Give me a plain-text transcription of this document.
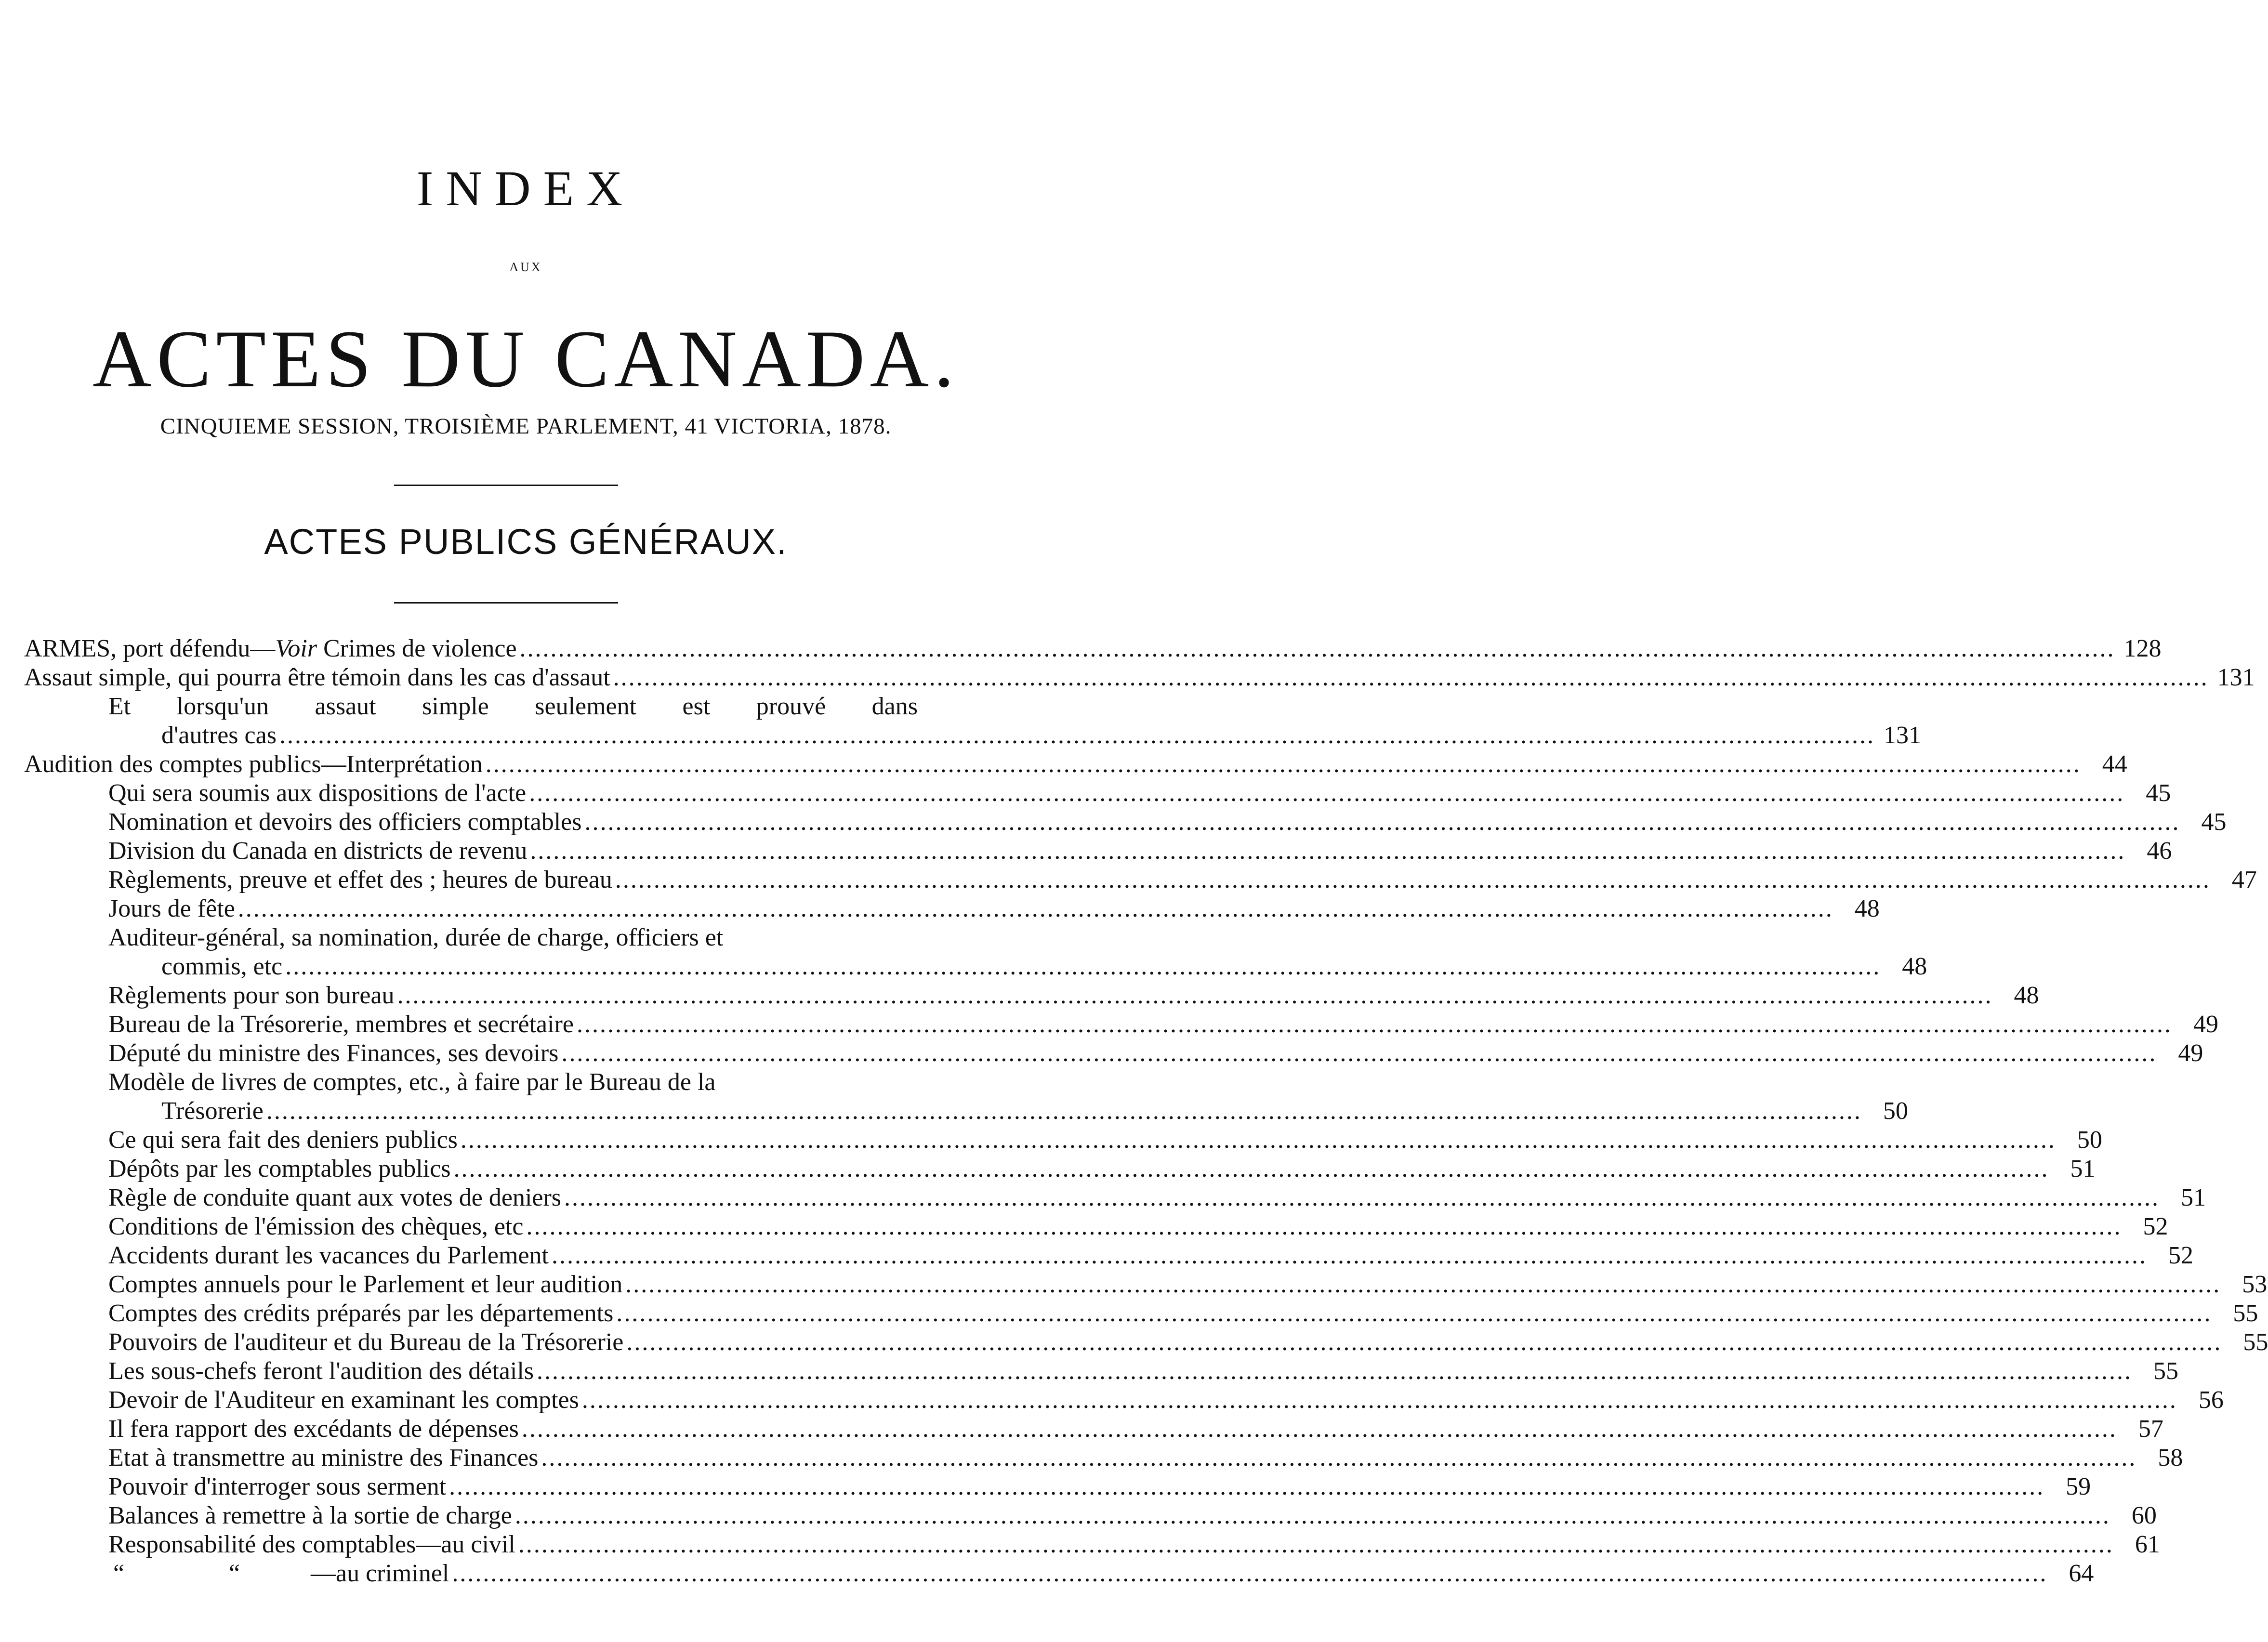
INDEX
AUX
ACTES DU CANADA.
CINQUIEME SESSION, TROISIÈME PARLEMENT, 41 VICTORIA, 1878.
ACTES PUBLICS GÉNÉRAUX.
ARMES, port défendu—Voir Crimes de violence ............................................................................................................................................................................................................... 128
Assaut simple, qui pourra être témoin dans les cas d'assaut ............................................................................................................................................................................................................... 131
Et lorsqu'un assaut simple seulement est prouvé dans
d'autres cas ............................................................................................................................................................................................................... 131
Audition des comptes publics—Interprétation ............................................................................................................................................................................................................... 44
Qui sera soumis aux dispositions de l'acte ............................................................................................................................................................................................................... 45
Nomination et devoirs des officiers comptables ............................................................................................................................................................................................................... 45
Division du Canada en districts de revenu ............................................................................................................................................................................................................... 46
Règlements, preuve et effet des ; heures de bureau ............................................................................................................................................................................................................... 47
Jours de fête ............................................................................................................................................................................................................... 48
Auditeur-général, sa nomination, durée de charge, officiers et
commis, etc ............................................................................................................................................................................................................... 48
Règlements pour son bureau ............................................................................................................................................................................................................... 48
Bureau de la Trésorerie, membres et secrétaire ............................................................................................................................................................................................................... 49
Député du ministre des Finances, ses devoirs ............................................................................................................................................................................................................... 49
Modèle de livres de comptes, etc., à faire par le Bureau de la
Trésorerie ............................................................................................................................................................................................................... 50
Ce qui sera fait des deniers publics ............................................................................................................................................................................................................... 50
Dépôts par les comptables publics ............................................................................................................................................................................................................... 51
Règle de conduite quant aux votes de deniers ............................................................................................................................................................................................................... 51
Conditions de l'émission des chèques, etc ............................................................................................................................................................................................................... 52
Accidents durant les vacances du Parlement ............................................................................................................................................................................................................... 52
Comptes annuels pour le Parlement et leur audition ............................................................................................................................................................................................................... 53
Comptes des crédits préparés par les départements ............................................................................................................................................................................................................... 55
Pouvoirs de l'auditeur et du Bureau de la Trésorerie ............................................................................................................................................................................................................... 55
Les sous-chefs feront l'audition des détails ............................................................................................................................................................................................................... 55
Devoir de l'Auditeur en examinant les comptes ............................................................................................................................................................................................................... 56
Il fera rapport des excédants de dépenses ............................................................................................................................................................................................................... 57
Etat à transmettre au ministre des Finances ............................................................................................................................................................................................................... 58
Pouvoir d'interroger sous serment ............................................................................................................................................................................................................... 59
Balances à remettre à la sortie de charge ............................................................................................................................................................................................................... 60
Responsabilité des comptables—au civil ............................................................................................................................................................................................................... 61
“	“	—au criminel ............................................................................................................................................................................................................... 64
